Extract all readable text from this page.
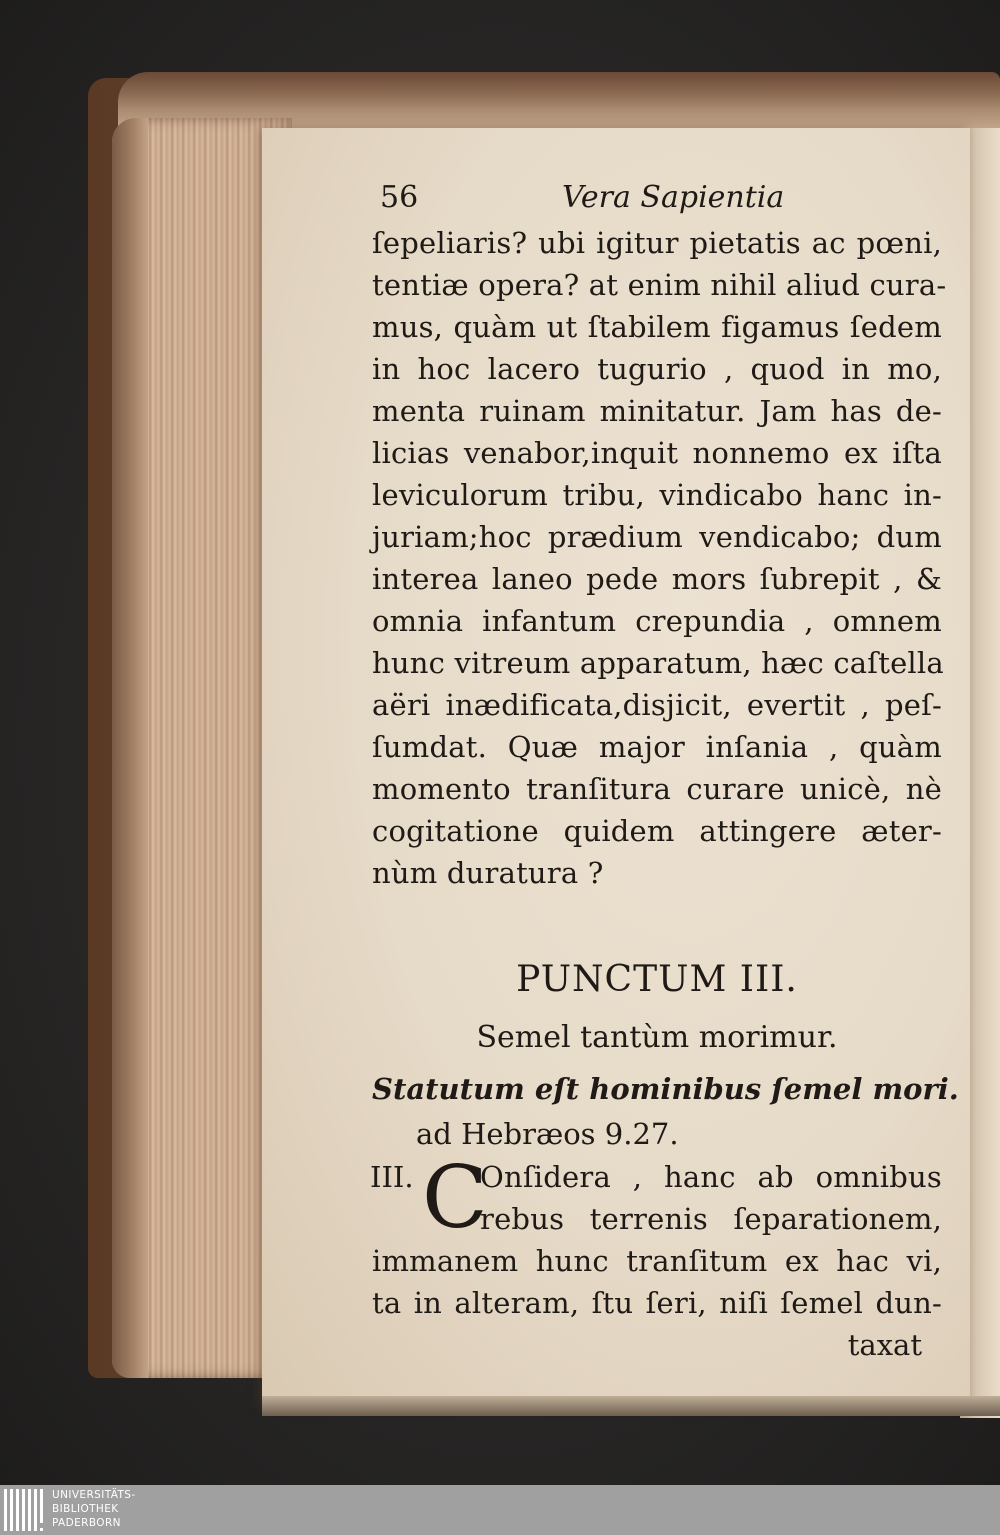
56	Vera Sapientia
ſepeliaris? ubi igitur pietatis ac pœni,
tentiæ opera? at enim nihil aliud cura-
mus, quàm ut ſtabilem figamus ſedem
in hoc lacero tugurio , quod in mo,
menta ruinam minitatur. Jam has de-
licias venabor,inquit nonnemo ex iſta
leviculorum tribu, vindicabo hanc in-
juriam;hoc prædium vendicabo; dum
interea laneo pede mors ſubrepit , &
omnia infantum crepundia , omnem
hunc vitreum apparatum, hæc caſtella
aëri inædificata,disjicit, evertit , peſ-
ſumdat. Quæ major inſania , quàm
momento tranſitura curare unicè, nè
cogitatione quidem attingere æter-
nùm duratura ?
PUNCTUM III.
Semel tantùm morimur.
Statutum eſt hominibus ſemel mori.
ad Hebræos 9.27.
III. C
Onſidera , hanc ab omnibus
rebus terrenis ſeparationem,
immanem hunc tranſitum ex hac vi,
ta in alteram, ſtu ſeri, niſi ſemel dun-
taxat
UNIVERSITÄTS-
BIBLIOTHEK
PADERBORN
